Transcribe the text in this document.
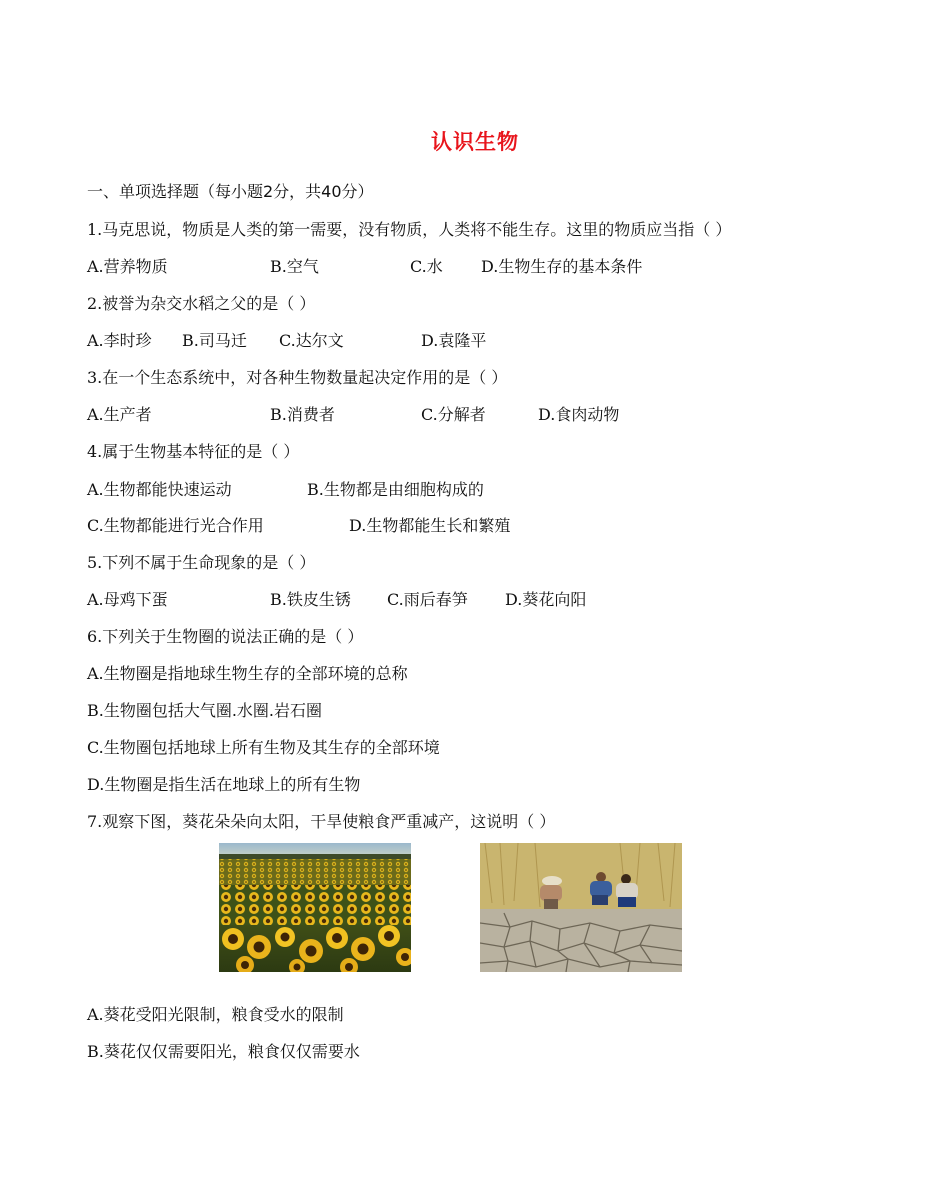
认识生物
一、单项选择题（每小题2分，共40分）
1.马克思说，物质是人类的第一需要，没有物质，人类将不能生存。这里的物质应当指（ ）
A.营养物质	B.空气	C.水 D.生物生存的基本条件
2.被誉为杂交水稻之父的是（ ）
A.李时珍 B.司马迁 C.达尔文	D.袁隆平
3.在一个生态系统中，对各种生物数量起决定作用的是（ ）
A.生产者	B.消费者	C.分解者	D.食肉动物
4.属于生物基本特征的是（ ）
A.生物都能快速运动	B.生物都是由细胞构成的
C.生物都能进行光合作用	D.生物都能生长和繁殖
5.下列不属于生命现象的是（ ）
A.母鸡下蛋	B.铁皮生锈 C.雨后春笋 D.葵花向阳
6.下列关于生物圈的说法正确的是（ ）
A.生物圈是指地球生物生存的全部环境的总称
B.生物圈包括大气圈.水圈.岩石圈
C.生物圈包括地球上所有生物及其生存的全部环境
D.生物圈是指生活在地球上的所有生物
7.观察下图，葵花朵朵向太阳，干旱使粮食严重减产，这说明（ ）
A.葵花受阳光限制，粮食受水的限制
B.葵花仅仅需要阳光，粮食仅仅需要水
